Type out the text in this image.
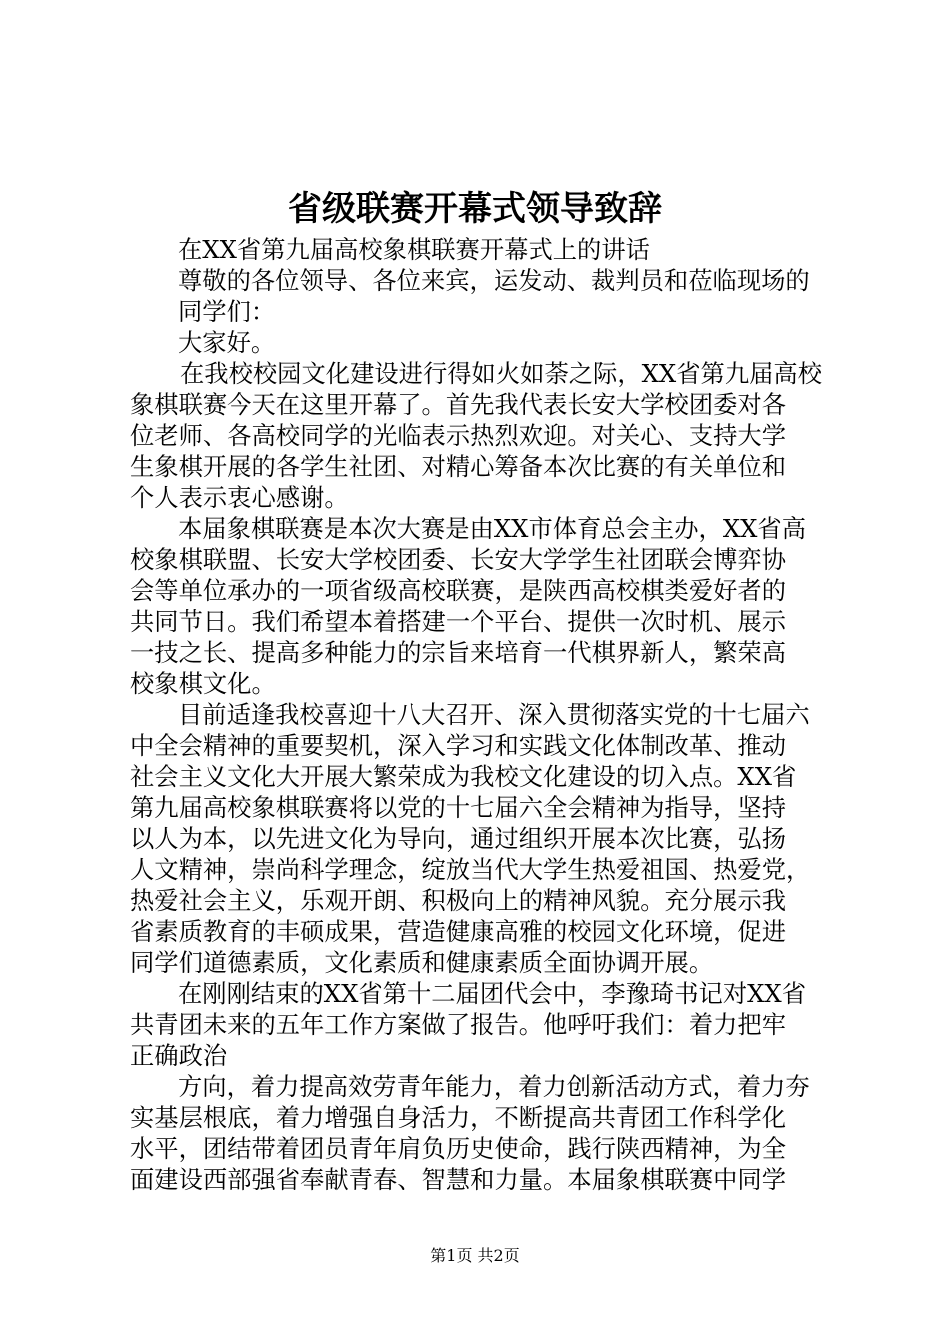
省级联赛开幕式领导致辞
在XX省第九届高校象棋联赛开幕式上的讲话
尊敬的各位领导、各位来宾，运发动、裁判员和莅临现场的
同学们：
大家好。
在我校校园文化建设进行得如火如荼之际，XX省第九届高校
象棋联赛今天在这里开幕了。首先我代表长安大学校团委对各
位老师、各高校同学的光临表示热烈欢迎。对关心、支持大学
生象棋开展的各学生社团、对精心筹备本次比赛的有关单位和
个人表示衷心感谢。
本届象棋联赛是本次大赛是由XX市体育总会主办，XX省高
校象棋联盟、长安大学校团委、长安大学学生社团联会博弈协
会等单位承办的一项省级高校联赛，是陕西高校棋类爱好者的
共同节日。我们希望本着搭建一个平台、提供一次时机、展示
一技之长、提高多种能力的宗旨来培育一代棋界新人，繁荣高
校象棋文化。
目前适逢我校喜迎十八大召开、深入贯彻落实党的十七届六
中全会精神的重要契机，深入学习和实践文化体制改革、推动
社会主义文化大开展大繁荣成为我校文化建设的切入点。XX省
第九届高校象棋联赛将以党的十七届六全会精神为指导，坚持
以人为本，以先进文化为导向，通过组织开展本次比赛，弘扬
人文精神，崇尚科学理念，绽放当代大学生热爱祖国、热爱党，
热爱社会主义，乐观开朗、积极向上的精神风貌。充分展示我
省素质教育的丰硕成果，营造健康高雅的校园文化环境，促进
同学们道德素质，文化素质和健康素质全面协调开展。
在刚刚结束的XX省第十二届团代会中，李豫琦书记对XX省
共青团未来的五年工作方案做了报告。他呼吁我们：着力把牢
正确政治
方向，着力提高效劳青年能力，着力创新活动方式，着力夯
实基层根底，着力增强自身活力，不断提高共青团工作科学化
水平，团结带着团员青年肩负历史使命，践行陕西精神，为全
面建设西部强省奉献青春、智慧和力量。本届象棋联赛中同学
第1页 共2页
